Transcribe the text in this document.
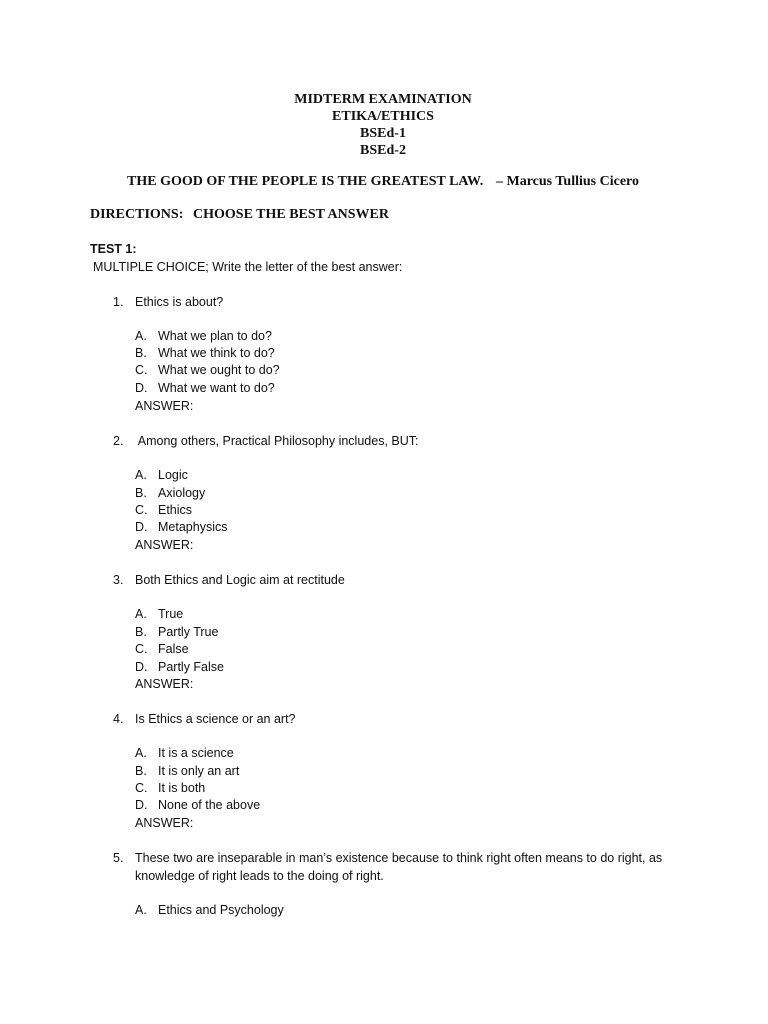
MIDTERM EXAMINATION
ETIKA/ETHICS
BSEd-1
BSEd-2
THE GOOD OF THE PEOPLE IS THE GREATEST LAW. – Marcus Tullius Cicero
DIRECTIONS: CHOOSE THE BEST ANSWER
TEST 1:
MULTIPLE CHOICE; Write the letter of the best answer:
1. Ethics is about?
A. What we plan to do?
B. What we think to do?
C. What we ought to do?
D. What we want to do?
ANSWER:
2. Among others, Practical Philosophy includes, BUT:
A. Logic
B. Axiology
C. Ethics
D. Metaphysics
ANSWER:
3. Both Ethics and Logic aim at rectitude
A. True
B. Partly True
C. False
D. Partly False
ANSWER:
4. Is Ethics a science or an art?
A. It is a science
B. It is only an art
C. It is both
D. None of the above
ANSWER:
5. These two are inseparable in man’s existence because to think right often means to do right, as
knowledge of right leads to the doing of right.
A. Ethics and Psychology
